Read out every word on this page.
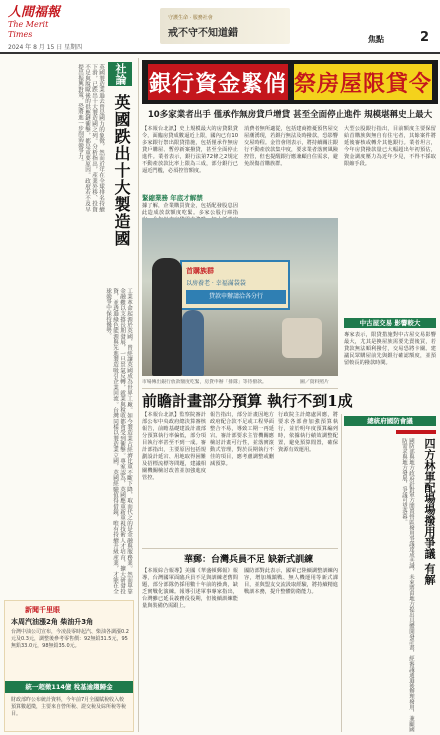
人間福報
The Merit Times
2024 年 8 月 15 日 星期四
守護生命 · 服務社會
戒不守不知道錯
焦點	2
社論
英國跌出十大製造國
英國製造業過去曾是國力的象徵，然而近年在全球排名持續下滑，已跌出十大製造國之列。分析指出，產業外移、投資不足與脫歐後的供應鏈衝擊，都是重要原因。政府若不及早提出振興對策，恐將進一步削弱競爭力。
工業革命起源於英國，曾經讓英國成為世界工廠。如今製造業占經濟比重不斷下降，取而代之的是金融與服務業。然而單靠金融難以支撐長期發展，一旦景氣反轉，就業與稅收都會受到衝擊。專家認為，英國應重新重視技術人才培育，擴大研發投資，並透過綠色能源與先進製造吸引企業回流。台灣同樣以製造業立國，英國經驗值得借鏡，唯有持續升級產業，才能在全球競爭中保持優勢。
新聞千里眼
本周汽油漲2角 柴油升3角
台灣中油公司宣布，今凌晨零時起汽、柴油各調漲0.2元及0.3元，調整後參考零售價：92無鉛31.5元，95無鉛33.0元，98無鉛35.0元。
統一超徵114億 稅基逾趨歸金
財政部昨公布統計資料，今年前7月全國賦稅收入較預算數超徵，主要來自營所稅、證交稅及綜所稅等稅目。
銀行資金緊俏 祭房屋限貸令
10多家業者出手 僅承作無房貸戶增貸 甚至全面停止進件 規模堪稱史上最大
【本報台北訊】史上規模最大的房貸限貸令，面臨房貸成數逼近上限，國內已有10多家銀行祭出限貸措施，包括僅承作無房貸戶購屋、暫停新案撥貸，甚至全面停止進件。業者表示，銀行法第72條之2規定不動產放款比率上限為三成，部分銀行已逼近門檻，必須控管額度。
緊縮業務 年底才解禁
據了解，企業購買資金，包括配發股息因此造成放款額度吃緊。多家公股行庫指
消費者無所適從，包括建商擔憂預售屋交屋潮湧現，若銀行無法及時撥款，恐影響交屋時程。金管會則表示，將持續關注銀行不動產放款集中度，要求業者落實風險控管，但也提醒銀行應兼顧自住需求，避免誤傷首購族群。
大型公股銀行指出，目前額度主要保留給首購族與無自有住宅者，其餘案件將延後審核或轉介其他銀行。業者坦言，今年房貸撥款量已大幅超出年初預估，資金調度壓力為近年少見，不得不採取限縮手段。
中古屋交易 影響較大
專家表示，限貸措施對中古屋交易影響最大，尤其是換屋族需要先賣後買，若貸款無法順利撥付，交易恐將卡關。建議民眾購屋前先與銀行確認額度，並預留較長的撥款時間。
首購族群
以房養老 · 幸福滿袋袋
貸款申辦請洽各分行
市場傳出銀行放款額度吃緊，房貸申辦「排隊」等待撥款。	圖／資料照片
前瞻計畫部分預算 執行不到1成
【本報台北訊】監察院審計部公布中央政府總決算審核報告，前瞻基礎建設計畫部分預算執行率偏低，部分項目執行率甚至不到一成。審計部指出，主要原因包括規劃設計延宕、用地取得困難及招標流標等問題，建議相關機關檢討改善並加強進度管控。
報告指出，部分計畫因地方政府配合款不足或工程界面整合不易，導致工期一再延宕。審計部要求主管機關應檢討計畫可行性，並落實滾動式管理，對於長期執行不佳的項目，應考慮調整或刪減預算。
行政院主計總處回應，將要求各部會加強預算執行，並於明年度預算編列時，依據執行績效調整配置，避免預算閒置，確保資源有效運用。
華郵：台灣兵員不足 缺新式訓練
【本報綜合報導】美國《華盛頓郵報》報導，台灣國軍面臨兵員不足與訓練老舊問題，部分部隊仍採用數十年前的操典，缺乏實戰化演練。報導引述軍事專家指出，台灣雖已延長義務役役期，但後續訓練能量與裝備仍需跟上。
國防部對此表示，國軍已陸續調整訓練內容，增加城鎮戰、無人機運用等新式課目，並與盟友交流汲取經驗，將持續精進戰訓本務，提升整體防衛能力。
總統府國防會議
四方林軍配場場撥用爭議 有解
國防部與地方政府針對軍方閒置營區撥用爭議達成共識，未來將由地方提出具體開發計畫，經審議通過後辦理撥用，兼顧國防需求與地方發展，爭議可望落幕。
